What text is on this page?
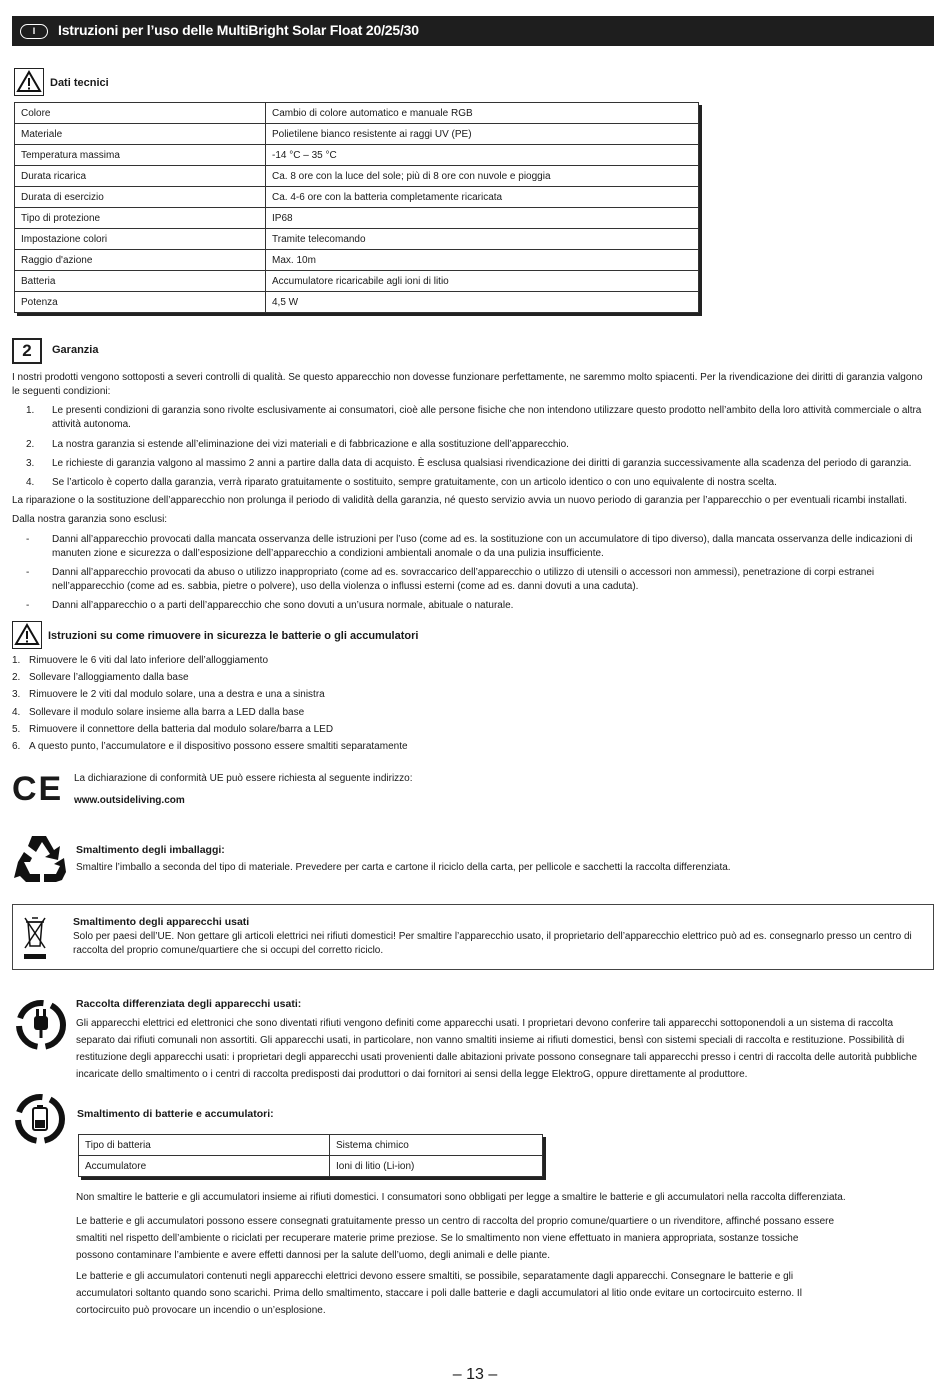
I	Istruzioni per l’uso delle MultiBright Solar Float 20/25/30
Dati tecnici
Colore	Cambio di colore automatico e manuale RGB
Materiale	Polietilene bianco resistente ai raggi UV (PE)
Temperatura massima	-14 °C – 35 °C
Durata ricarica	Ca. 8 ore con la luce del sole; più di 8 ore con nuvole e pioggia
Durata di esercizio	Ca. 4-6 ore con la batteria completamente ricaricata
Tipo di protezione	IP68
Impostazione colori	Tramite telecomando
Raggio d'azione	Max. 10m
Batteria	Accumulatore ricaricabile agli ioni di litio
Potenza	4,5 W
2	Garanzia
I nostri prodotti vengono sottoposti a severi controlli di qualità. Se questo apparecchio non dovesse funzionare perfettamente, ne saremmo molto spiacenti. Per la rivendicazione dei diritti di garanzia valgono le seguenti condizioni:
1. Le presenti condizioni di garanzia sono rivolte esclusivamente ai consumatori, cioè alle persone fisiche che non intendono utilizzare questo prodotto nell’ambito della loro attività commerciale o altra attività autonoma.
2. La nostra garanzia si estende all’eliminazione dei vizi materiali e di fabbricazione e alla sostituzione dell’apparecchio.
3. Le richieste di garanzia valgono al massimo 2 anni a partire dalla data di acquisto. È esclusa qualsiasi rivendicazione dei diritti di garanzia successivamente alla scadenza del periodo di garanzia.
4. Se l’articolo è coperto dalla garanzia, verrà riparato gratuitamente o sostituito, sempre gratuitamente, con un articolo identico o con uno equivalente di nostra scelta.
La riparazione o la sostituzione dell’apparecchio non prolunga il periodo di validità della garanzia, né questo servizio avvia un nuovo periodo di garanzia per l’apparecchio o per eventuali ricambi installati.
Dalla nostra garanzia sono esclusi:
- Danni all’apparecchio provocati dalla mancata osservanza delle istruzioni per l’uso (come ad es. la sostituzione con un accumulatore di tipo diverso), dalla mancata osservanza delle indicazioni di manuten zione e sicurezza o dall’esposizione dell’apparecchio a condizioni ambientali anomale o da una pulizia insufficiente.
- Danni all’apparecchio provocati da abuso o utilizzo inappropriato (come ad es. sovraccarico dell’apparecchio o utilizzo di utensili o accessori non ammessi), penetrazione di corpi estranei nell’apparecchio (come ad es. sabbia, pietre o polvere), uso della violenza o influssi esterni (come ad es. danni dovuti a una caduta).
- Danni all’apparecchio o a parti dell’apparecchio che sono dovuti a un’usura normale, abituale o naturale.
Istruzioni su come rimuovere in sicurezza le batterie o gli accumulatori
1. Rimuovere le 6 viti dal lato inferiore dell’alloggiamento
2. Sollevare l’alloggiamento dalla base
3. Rimuovere le 2 viti dal modulo solare, una a destra e una a sinistra
4. Sollevare il modulo solare insieme alla barra a LED dalla base
5. Rimuovere il connettore della batteria dal modulo solare/barra a LED
6. A questo punto, l’accumulatore e il dispositivo possono essere smaltiti separatamente
CE La dichiarazione di conformità UE può essere richiesta al seguente indirizzo:
www.outsideliving.com
Smaltimento degli imballaggi:
Smaltire l’imballo a seconda del tipo di materiale. Prevedere per carta e cartone il riciclo della carta, per pellicole e sacchetti la raccolta differenziata.
Smaltimento degli apparecchi usati
Solo per paesi dell’UE. Non gettare gli articoli elettrici nei rifiuti domestici! Per smaltire l’apparecchio usato, il proprietario dell’apparecchio elettrico può ad es. consegnarlo presso un centro di raccolta del proprio comune/quartiere che si occupi del corretto riciclo.
Raccolta differenziata degli apparecchi usati:
Gli apparecchi elettrici ed elettronici che sono diventati rifiuti vengono definiti come apparecchi usati. I proprietari devono conferire tali apparecchi sottoponendoli a un sistema di raccolta separato dai rifiuti comunali non assortiti. Gli apparecchi usati, in particolare, non vanno smaltiti insieme ai rifiuti domestici, bensì con sistemi speciali di raccolta e restituzione. Possibilità di restituzione degli apparecchi usati: i proprietari degli apparecchi usati provenienti dalle abitazioni private possono consegnare tali apparecchi presso i centri di raccolta delle autorità pubbliche incaricate dello smaltimento o i centri di raccolta predisposti dai produttori o dai fornitori ai sensi della legge ElektroG, oppure direttamente al produttore.
Smaltimento di batterie e accumulatori:
Tipo di batteria	Sistema chimico
Accumulatore	Ioni di litio (Li-ion)
Non smaltire le batterie e gli accumulatori insieme ai rifiuti domestici. I consumatori sono obbligati per legge a smaltire le batterie e gli accumulatori nella raccolta differenziata.
Le batterie e gli accumulatori possono essere consegnati gratuitamente presso un centro di raccolta del proprio comune/quartiere o un rivenditore, affinché possano essere smaltiti nel rispetto dell’ambiente o riciclati per recuperare materie prime preziose. Se lo smaltimento non viene effettuato in maniera appropriata, sostanze tossiche possono contaminare l’ambiente e avere effetti dannosi per la salute dell’uomo, degli animali e delle piante.
Le batterie e gli accumulatori contenuti negli apparecchi elettrici devono essere smaltiti, se possibile, separatamente dagli apparecchi. Consegnare le batterie e gli accumulatori soltanto quando sono scarichi. Prima dello smaltimento, staccare i poli dalle batterie e dagli accumulatori al litio onde evitare un cortocircuito esterno. Il cortocircuito può provocare un incendio o un’esplosione.
– 13 –
